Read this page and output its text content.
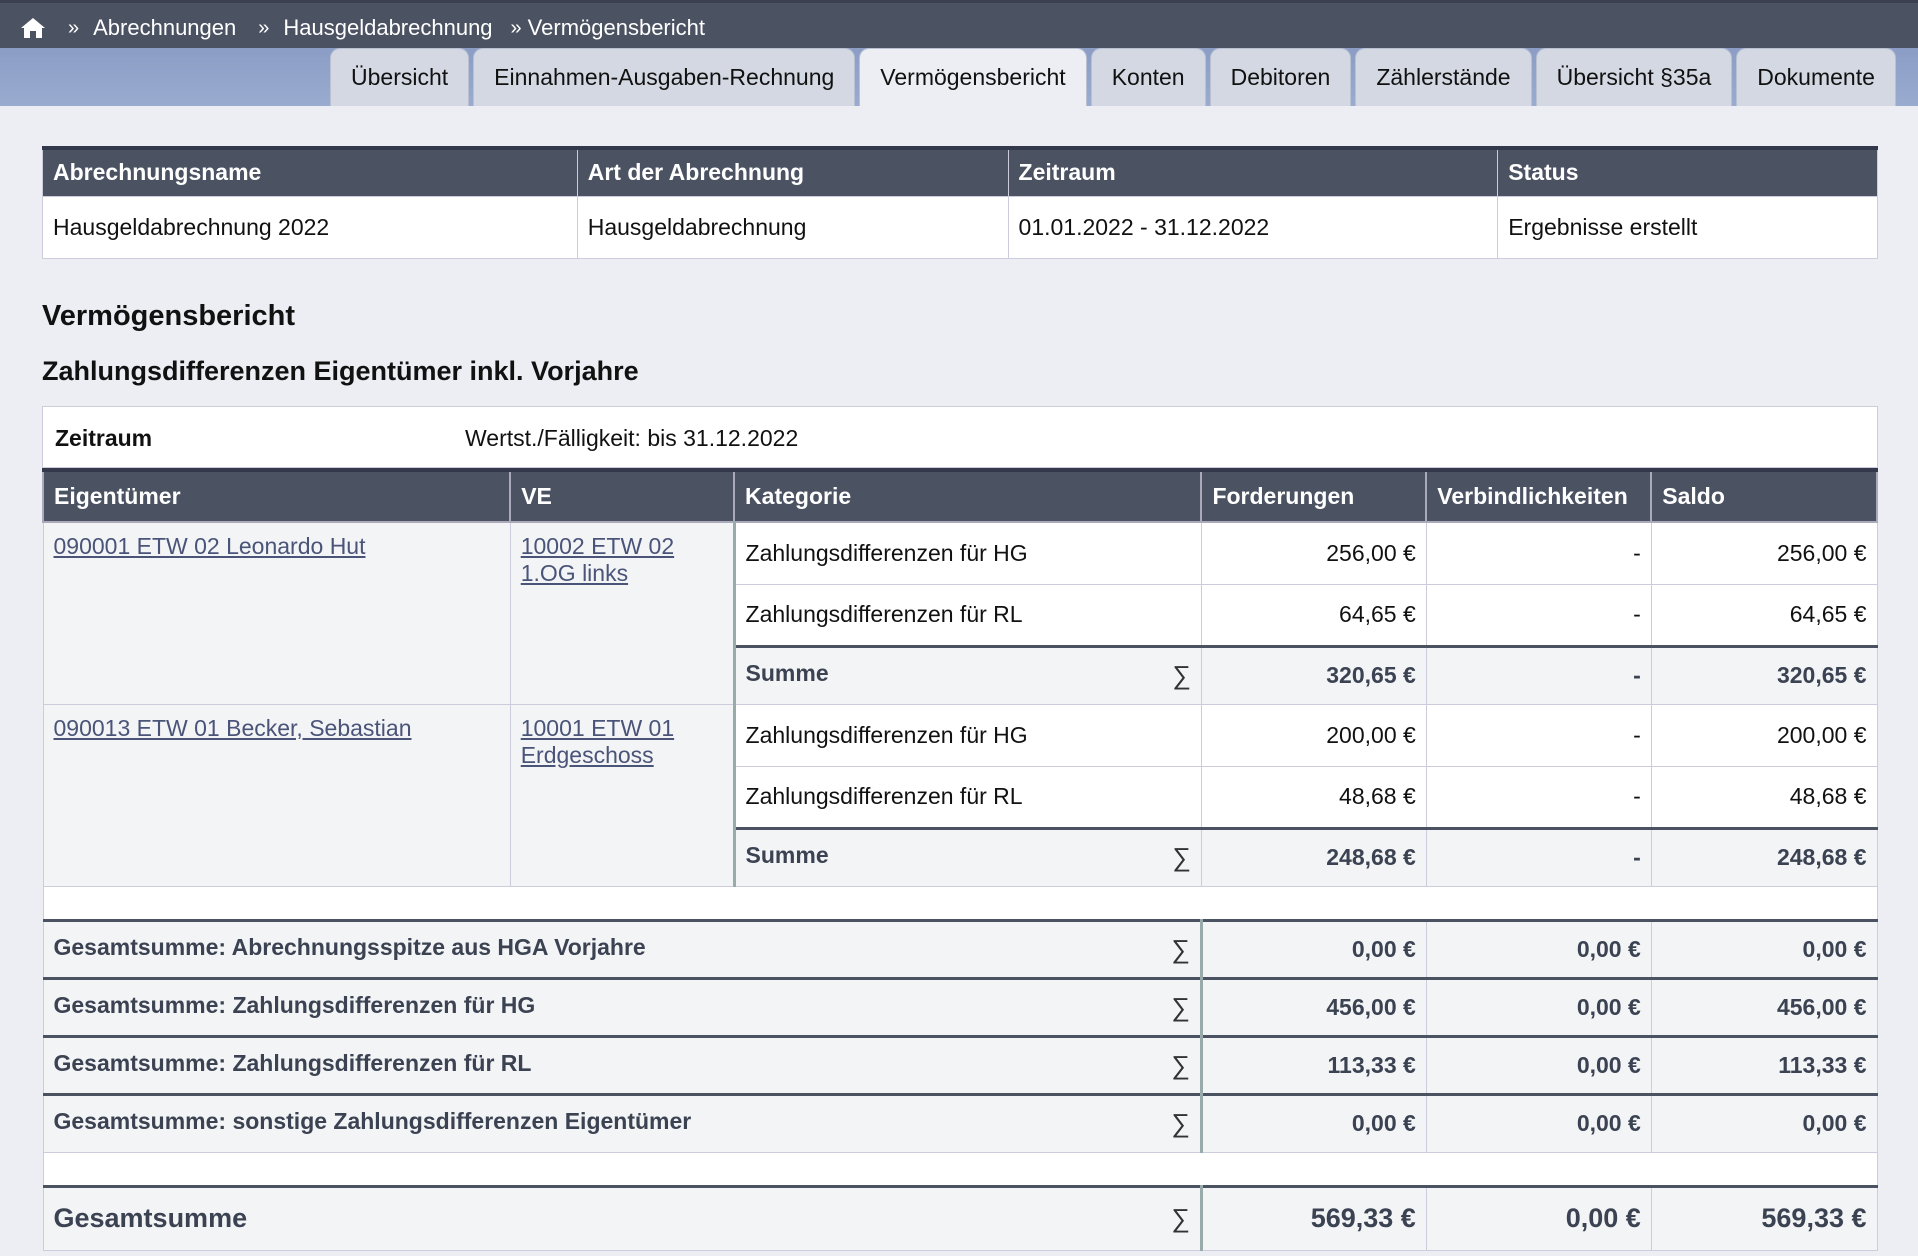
» Abrechnungen » Hausgeldabrechnung » Vermögensbericht
Übersicht	Einnahmen-Ausgaben-Rechnung	Vermögensbericht	Konten	Debitoren	Zählerstände	Übersicht §35a	Dokumente
Abrechnungsname	Art der Abrechnung	Zeitraum	Status
Hausgeldabrechnung 2022	Hausgeldabrechnung	01.01.2022 - 31.12.2022	Ergebnisse erstellt
Vermögensbericht
Zahlungsdifferenzen Eigentümer inkl. Vorjahre
Zeitraum	Wertst./Fälligkeit: bis 31.12.2022
Eigentümer	VE	Kategorie	Forderungen	Verbindlichkeiten	Saldo
090001 ETW 02 Leonardo Hut	10002 ETW 02 1.OG links	Zahlungsdifferenzen für HG	256,00 €	-	256,00 €
		Zahlungsdifferenzen für RL	64,65 €	-	64,65 €
		Summe ∑	320,65 €	-	320,65 €
090013 ETW 01 Becker, Sebastian	10001 ETW 01 Erdgeschoss	Zahlungsdifferenzen für HG	200,00 €	-	200,00 €
		Zahlungsdifferenzen für RL	48,68 €	-	48,68 €
		Summe ∑	248,68 €	-	248,68 €

Gesamtsumme: Abrechnungsspitze aus HGA Vorjahre ∑			0,00 €	0,00 €	0,00 €
Gesamtsumme: Zahlungsdifferenzen für HG ∑			456,00 €	0,00 €	456,00 €
Gesamtsumme: Zahlungsdifferenzen für RL ∑			113,33 €	0,00 €	113,33 €
Gesamtsumme: sonstige Zahlungsdifferenzen Eigentümer ∑			0,00 €	0,00 €	0,00 €

Gesamtsumme ∑			569,33 €	0,00 €	569,33 €
